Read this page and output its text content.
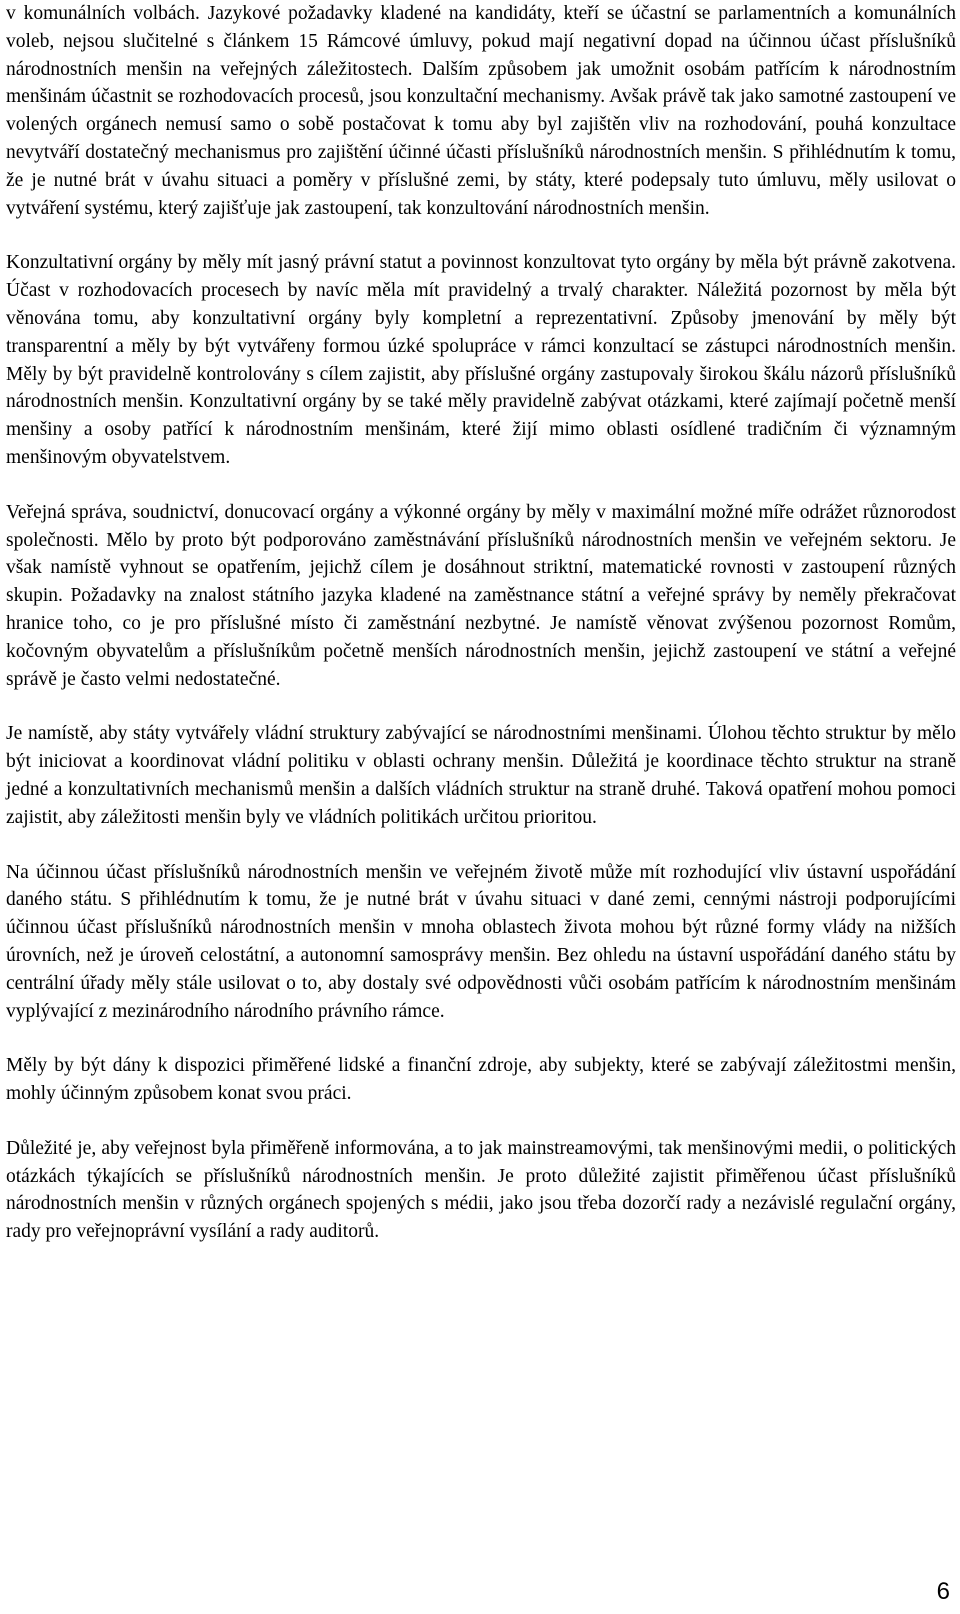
v komunálních volbách. Jazykové požadavky kladené na kandidáty, kteří se účastní se parlamentních a komunálních voleb, nejsou slučitelné s článkem 15 Rámcové úmluvy, pokud mají negativní dopad na účinnou účast příslušníků národnostních menšin na veřejných záležitostech. Dalším způsobem jak umožnit osobám patřícím k národnostním menšinám účastnit se rozhodovacích procesů, jsou konzultační mechanismy. Avšak právě tak jako samotné zastoupení ve volených orgánech nemusí samo o sobě postačovat k tomu aby byl zajištěn vliv na rozhodování, pouhá konzultace nevytváří dostatečný mechanismus pro zajištění účinné účasti příslušníků národnostních menšin. S přihlédnutím k tomu, že je nutné brát v úvahu situaci a poměry v příslušné zemi, by státy, které podepsaly tuto úmluvu, měly usilovat o vytváření systému, který zajišťuje jak zastoupení, tak konzultování národnostních menšin.

Konzultativní orgány by měly mít jasný právní statut a povinnost konzultovat tyto orgány by měla být právně zakotvena. Účast v rozhodovacích procesech by navíc měla mít pravidelný a trvalý charakter. Náležitá pozornost by měla být věnována tomu, aby konzultativní orgány byly kompletní a reprezentativní. Způsoby jmenování by měly být transparentní a měly by být vytvářeny formou úzké spolupráce v rámci konzultací se zástupci národnostních menšin. Měly by být pravidelně kontrolovány s cílem zajistit, aby příslušné orgány zastupovaly širokou škálu názorů příslušníků národnostních menšin. Konzultativní orgány by se také měly pravidelně zabývat otázkami, které zajímají početně menší menšiny a osoby patřící k národnostním menšinám, které žijí mimo oblasti osídlené tradičním či významným menšinovým obyvatelstvem.

Veřejná správa, soudnictví, donucovací orgány a výkonné orgány by měly v maximální možné míře odrážet různorodost společnosti. Mělo by proto být podporováno zaměstnávání příslušníků národnostních menšin ve veřejném sektoru. Je však namístě vyhnout se opatřením, jejichž cílem je dosáhnout striktní, matematické rovnosti v zastoupení různých skupin. Požadavky na znalost státního jazyka kladené na zaměstnance státní a veřejné správy by neměly překračovat hranice toho, co je pro příslušné místo či zaměstnání nezbytné. Je namístě věnovat zvýšenou pozornost Romům, kočovným obyvatelům a příslušníkům početně menších národnostních menšin, jejichž zastoupení ve státní a veřejné správě je často velmi nedostatečné.

Je namístě, aby státy vytvářely vládní struktury zabývající se národnostními menšinami. Úlohou těchto struktur by mělo být iniciovat a koordinovat vládní politiku v oblasti ochrany menšin. Důležitá je koordinace těchto struktur na straně jedné a konzultativních mechanismů menšin a dalších vládních struktur na straně druhé. Taková opatření mohou pomoci zajistit, aby záležitosti menšin byly ve vládních politikách určitou prioritou.

Na účinnou účast příslušníků národnostních menšin ve veřejném životě může mít rozhodující vliv ústavní uspořádání daného státu. S přihlédnutím k tomu, že je nutné brát v úvahu situaci v dané zemi, cennými nástroji podporujícími účinnou účast příslušníků národnostních menšin v mnoha oblastech života mohou být různé formy vlády na nižších úrovních, než je úroveň celostátní, a autonomní samosprávy menšin. Bez ohledu na ústavní uspořádání daného státu by centrální úřady měly stále usilovat o to, aby dostaly své odpovědnosti vůči osobám patřícím k národnostním menšinám vyplývající z mezinárodního národního právního rámce.

Měly by být dány k dispozici přiměřené lidské a finanční zdroje, aby subjekty, které se zabývají záležitostmi menšin, mohly účinným způsobem konat svou práci.

Důležité je, aby veřejnost byla přiměřeně informována, a to jak mainstreamovými, tak menšinovými medii, o politických otázkách týkajících se příslušníků národnostních menšin. Je proto důležité zajistit přiměřenou účast příslušníků národnostních menšin v různých orgánech spojených s médii, jako jsou třeba dozorčí rady a nezávislé regulační orgány, rady pro veřejnoprávní vysílání a rady auditorů.

6
